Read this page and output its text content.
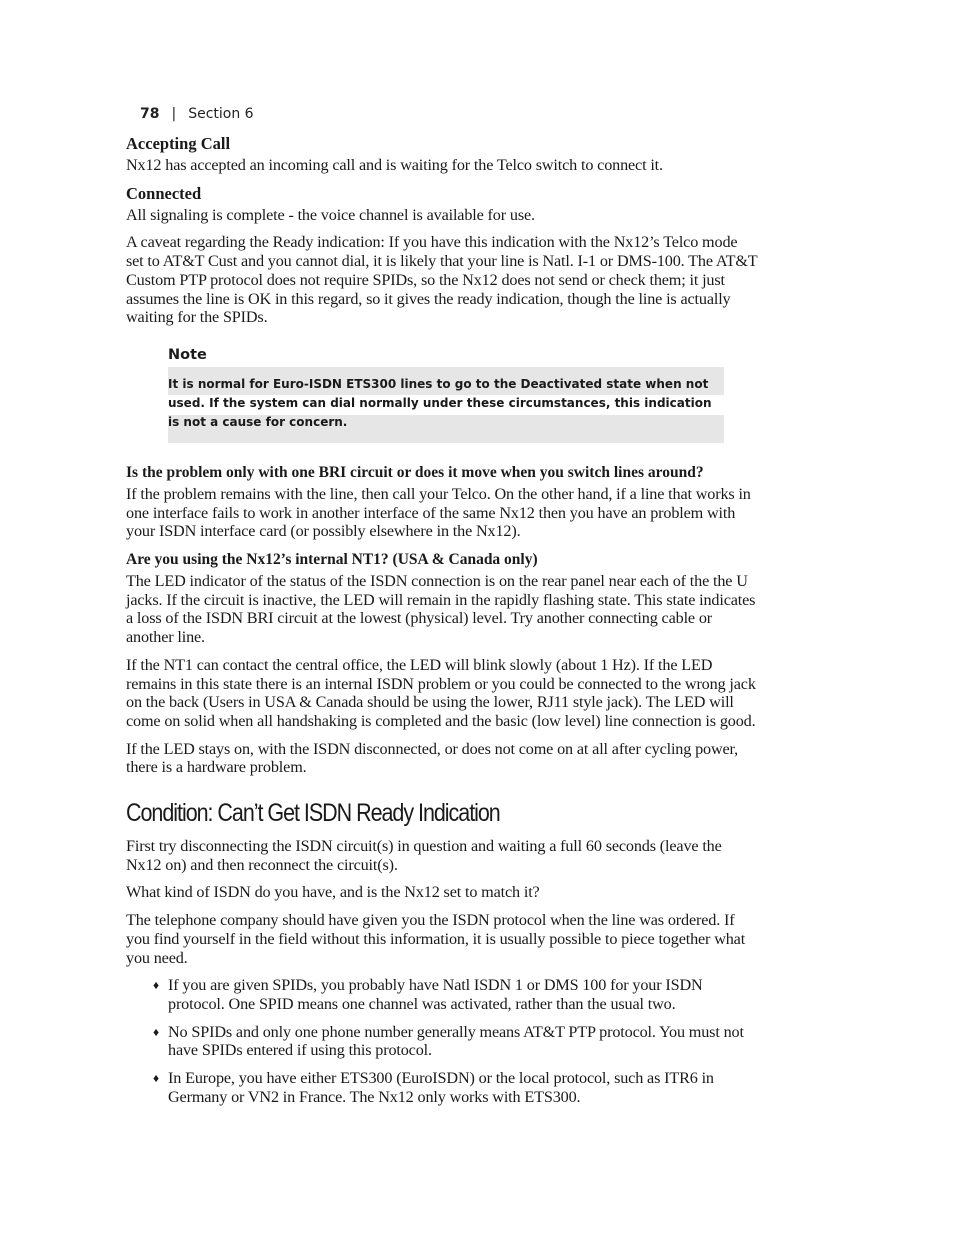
78 | Section 6
Accepting Call

Nx12 has accepted an incoming call and is waiting for the Telco switch to connect it.

Connected

All signaling is complete - the voice channel is available for use.

A caveat regarding the Ready indication: If you have this indication with the Nx12’s Telco mode set to AT&T Cust and you cannot dial, it is likely that your line is Natl. I-1 or DMS-100. The AT&T Custom PTP protocol does not require SPIDs, so the Nx12 does not send or check them; it just assumes the line is OK in this regard, so it gives the ready indication, though the line is actually waiting for the SPIDs.

Note
It is normal for Euro-ISDN ETS300 lines to go to the Deactivated state when not used. If the system can dial normally under these circumstances, this indication is not a cause for concern.
Is the problem only with one BRI circuit or does it move when you switch lines around?

If the problem remains with the line, then call your Telco. On the other hand, if a line that works in one interface fails to work in another interface of the same Nx12 then you have an problem with your ISDN interface card (or possibly elsewhere in the Nx12).

Are you using the Nx12’s internal NT1? (USA & Canada only)

The LED indicator of the status of the ISDN connection is on the rear panel near each of the the U jacks. If the circuit is inactive, the LED will remain in the rapidly flashing state. This state indicates a loss of the ISDN BRI circuit at the lowest (physical) level. Try another connecting cable or another line.

If the NT1 can contact the central office, the LED will blink slowly (about 1 Hz). If the LED remains in this state there is an internal ISDN problem or you could be connected to the wrong jack on the back (Users in USA & Canada should be using the lower, RJ11 style jack). The LED will come on solid when all handshaking is completed and the basic (low level) line connection is good.

If the LED stays on, with the ISDN disconnected, or does not come on at all after cycling power, there is a hardware problem.

Condition: Can’t Get ISDN Ready Indication

First try disconnecting the ISDN circuit(s) in question and waiting a full 60 seconds (leave the Nx12 on) and then reconnect the circuit(s).

What kind of ISDN do you have, and is the Nx12 set to match it?

The telephone company should have given you the ISDN protocol when the line was ordered. If you find yourself in the field without this information, it is usually possible to piece together what you need.

♦ If you are given SPIDs, you probably have Natl ISDN 1 or DMS 100 for your ISDN protocol. One SPID means one channel was activated, rather than the usual two.
♦ No SPIDs and only one phone number generally means AT&T PTP protocol. You must not have SPIDs entered if using this protocol.
♦ In Europe, you have either ETS300 (EuroISDN) or the local protocol, such as ITR6 in Germany or VN2 in France. The Nx12 only works with ETS300.
